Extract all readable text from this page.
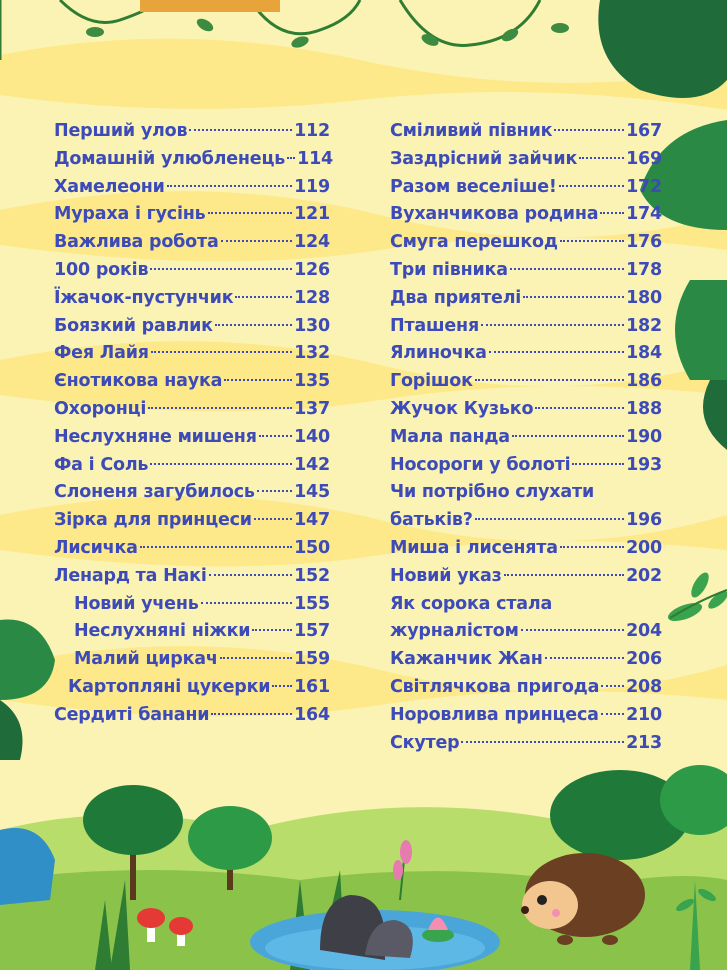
Перший улов	112
Домашній улюбленець 114
Хамелеони	119
Мураха і гусінь	121
Важлива робота	124
100 років	126
Їжачок-пустунчик	128
Боязкий равлик	130
Фея Лайя	132
Єнотикова наука	135
Охоронці	137
Неслухняне мишеня 140
Фа і Соль	142
Слоненя загубилось 145
Зірка для принцеси 147
Лисичка	150
Ленард та Накі	152
Новий учень	155
Неслухняні ніжки 157
Малий циркач	159
Картопляні цукерки 161
Сердиті банани	164
Сміливий півник	167
Заздрісний зайчик	169
Разом веселіше!	172
Вуханчикова родина 174
Смуга перешкод	176
Три півника	178
Два приятелі	180
Пташеня	182
Ялиночка	184
Горішок	186
Жучок Кузько	188
Мала панда	190
Носороги у болоті	193
Чи потрібно слухати
батьків?	196
Миша і лисенята	200
Новий указ	202
Як сорока стала
журналістом	204
Кажанчик Жан	206
Світлячкова пригода 208
Норовлива принцеса 210
Скутер	213
